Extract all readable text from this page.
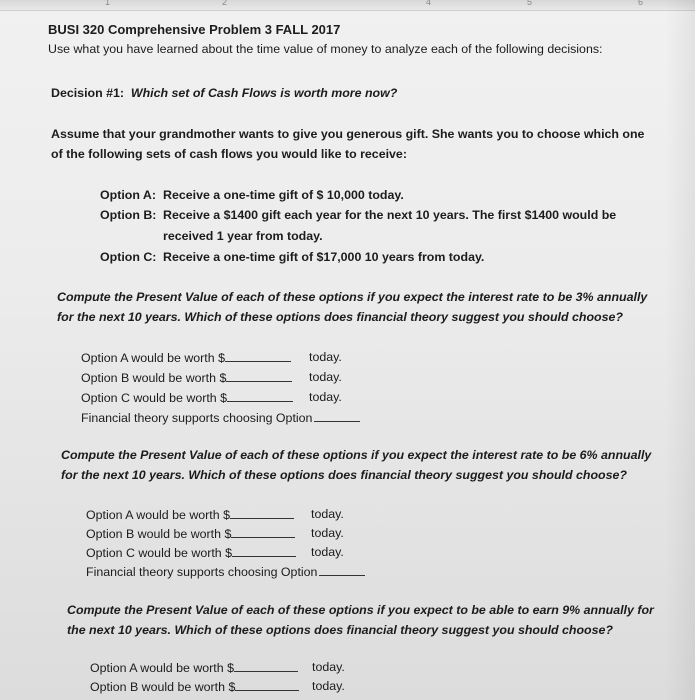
1	2	4	5	6
BUSI 320 Comprehensive Problem 3 FALL 2017
Use what you have learned about the time value of money to analyze each of the following decisions:
Decision #1: Which set of Cash Flows is worth more now?
Assume that your grandmother wants to give you generous gift. She wants you to choose which one
of the following sets of cash flows you would like to receive:
Option A: Receive a one-time gift of $ 10,000 today.
Option B: Receive a $1400 gift each year for the next 10 years. The first $1400 would be
received 1 year from today.
Option C: Receive a one-time gift of $17,000 10 years from today.
Compute the Present Value of each of these options if you expect the interest rate to be 3% annually
for the next 10 years. Which of these options does financial theory suggest you should choose?
Option A would be worth $	today.
Option B would be worth $	today.
Option C would be worth $	today.
Financial theory supports choosing Option
Compute the Present Value of each of these options if you expect the interest rate to be 6% annually
for the next 10 years. Which of these options does financial theory suggest you should choose?
Option A would be worth $	today.
Option B would be worth $	today.
Option C would be worth $	today.
Financial theory supports choosing Option
Compute the Present Value of each of these options if you expect to be able to earn 9% annually for
the next 10 years. Which of these options does financial theory suggest you should choose?
Option A would be worth $	today.
Option B would be worth $	today.
